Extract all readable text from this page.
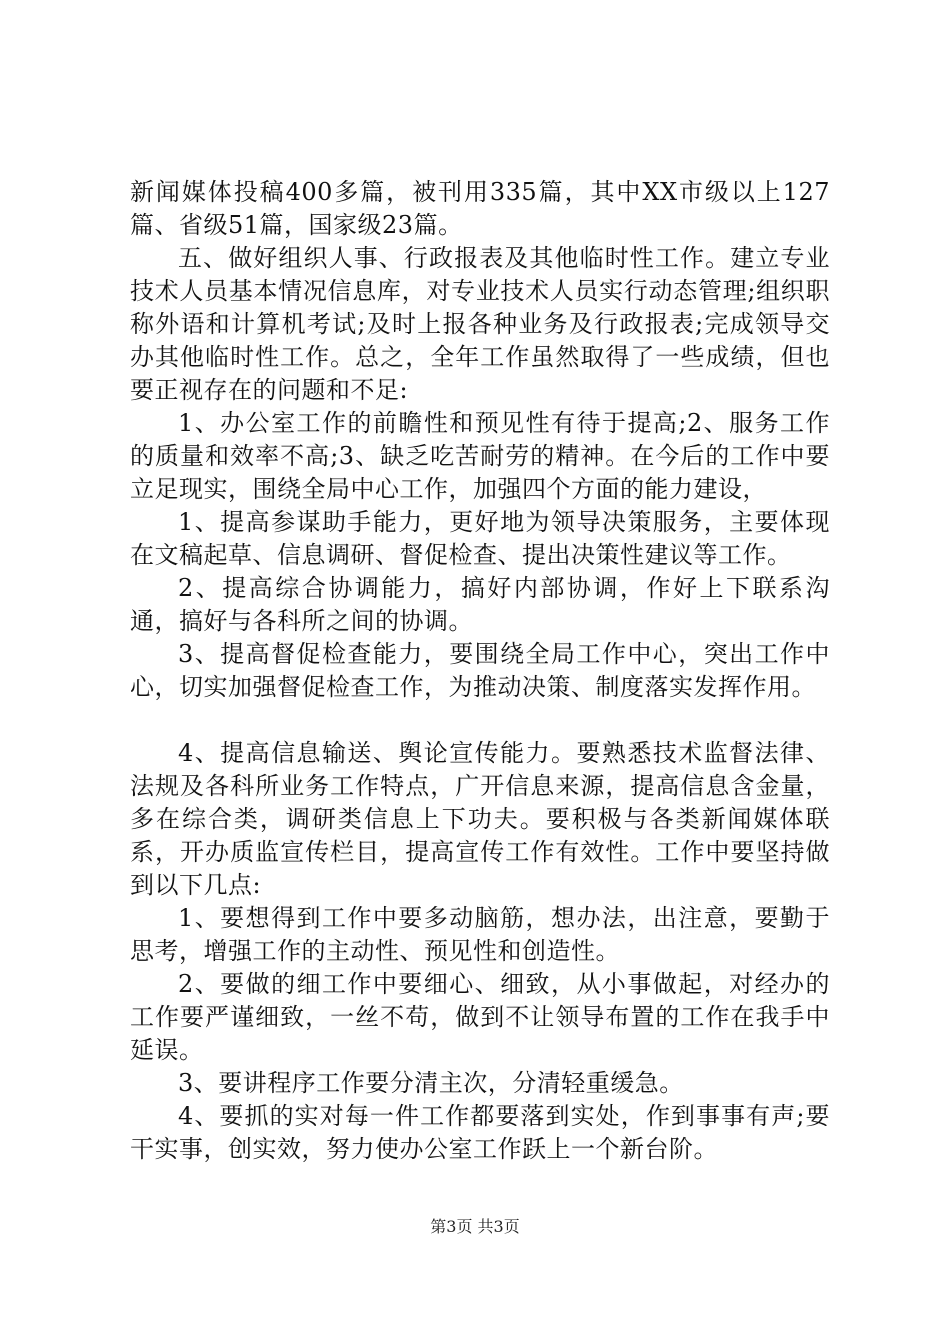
新闻媒体投稿400多篇，被刊用335篇，其中XX市级以上127篇、省级51篇，国家级23篇。

五、做好组织人事、行政报表及其他临时性工作。建立专业技术人员基本情况信息库，对专业技术人员实行动态管理;组织职称外语和计算机考试;及时上报各种业务及行政报表;完成领导交办其他临时性工作。总之，全年工作虽然取得了一些成绩，但也要正视存在的问题和不足:

1、办公室工作的前瞻性和预见性有待于提高;2、服务工作的质量和效率不高;3、缺乏吃苦耐劳的精神。在今后的工作中要立足现实，围绕全局中心工作，加强四个方面的能力建设，

1、提高参谋助手能力，更好地为领导决策服务，主要体现在文稿起草、信息调研、督促检查、提出决策性建议等工作。

2、提高综合协调能力，搞好内部协调，作好上下联系沟通，搞好与各科所之间的协调。

3、提高督促检查能力，要围绕全局工作中心，突出工作中心，切实加强督促检查工作，为推动决策、制度落实发挥作用。

4、提高信息输送、舆论宣传能力。要熟悉技术监督法律、法规及各科所业务工作特点，广开信息来源，提高信息含金量，多在综合类，调研类信息上下功夫。要积极与各类新闻媒体联系，开办质监宣传栏目，提高宣传工作有效性。工作中要坚持做到以下几点:

1、要想得到工作中要多动脑筋，想办法，出注意，要勤于思考，增强工作的主动性、预见性和创造性。

2、要做的细工作中要细心、细致，从小事做起，对经办的工作要严谨细致，一丝不苟，做到不让领导布置的工作在我手中延误。

3、要讲程序工作要分清主次，分清轻重缓急。

4、要抓的实对每一件工作都要落到实处，作到事事有声;要干实事，创实效，努力使办公室工作跃上一个新台阶。

第3页 共3页
